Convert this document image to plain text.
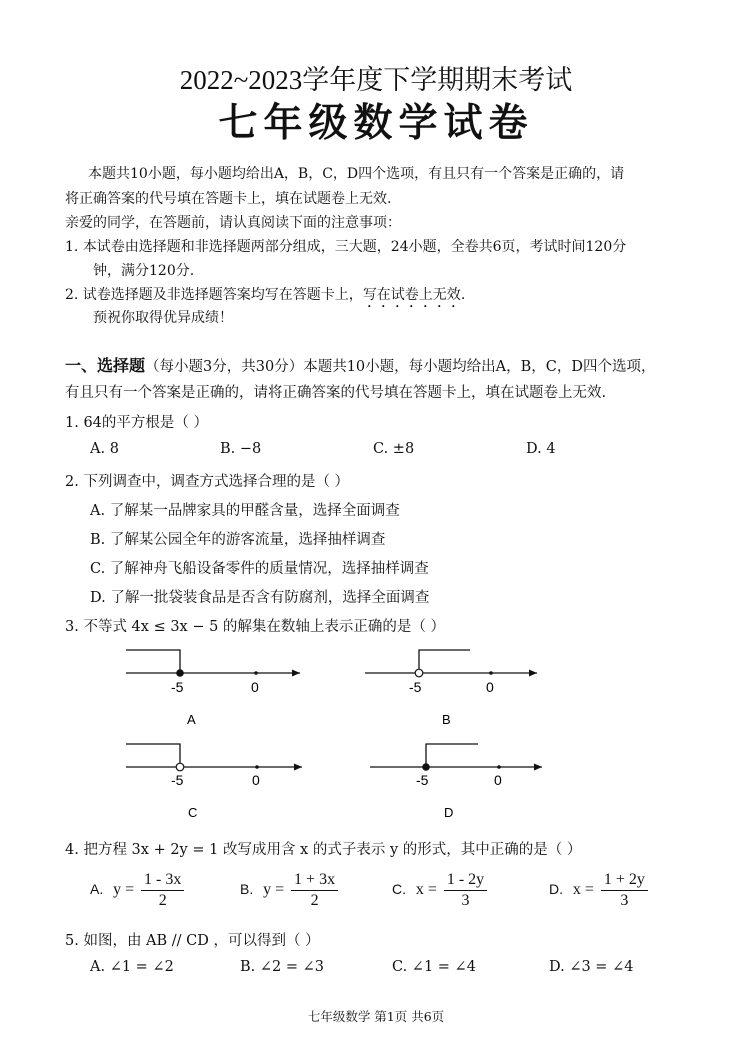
2022~2023学年度下学期期末考试
七年级数学试卷
本题共10小题，每小题均给出A，B，C，D四个选项，有且只有一个答案是正确的，请
将正确答案的代号填在答题卡上，填在试题卷上无效.
亲爱的同学，在答题前，请认真阅读下面的注意事项：
1. 本试卷由选择题和非选择题两部分组成，三大题，24小题，全卷共6页，考试时间120分
钟，满分120分.
2. 试卷选择题及非选择题答案均写在答题卡上，写在试卷上无效.
预祝你取得优异成绩！
一、选择题（每小题3分，共30分）本题共10小题，每小题均给出A，B，C，D四个选项，
有且只有一个答案是正确的，请将正确答案的代号填在答题卡上，填在试题卷上无效.
1. 64的平方根是（ ）
A. 8	B. −8	C. ±8	D. 4
2. 下列调查中，调查方式选择合理的是（ ）
A. 了解某一品牌家具的甲醛含量，选择全面调查
B. 了解某公园全年的游客流量，选择抽样调查
C. 了解神舟飞船设备零件的质量情况，选择抽样调查
D. 了解一批袋装食品是否含有防腐剂，选择全面调查
3. 不等式 4x ≤ 3x − 5 的解集在数轴上表示正确的是（ ）
-5	0
A
-5	0
B
-5	0
C
-5	0
D
4. 把方程 3x + 2y = 1 改写成用含 x 的式子表示 y 的形式，其中正确的是（ ）
A. $y = \frac{1 - 3x}{2}$	B. $y = \frac{1 + 3x}{2}$	C. $x = \frac{1 - 2y}{3}$	D. $x = \frac{1 + 2y}{3}$
5. 如图，由 AB // CD ，可以得到（ ）
A. ∠1 = ∠2	B. ∠2 = ∠3	C. ∠1 = ∠4	D. ∠3 = ∠4
七年级数学 第1页 共6页
